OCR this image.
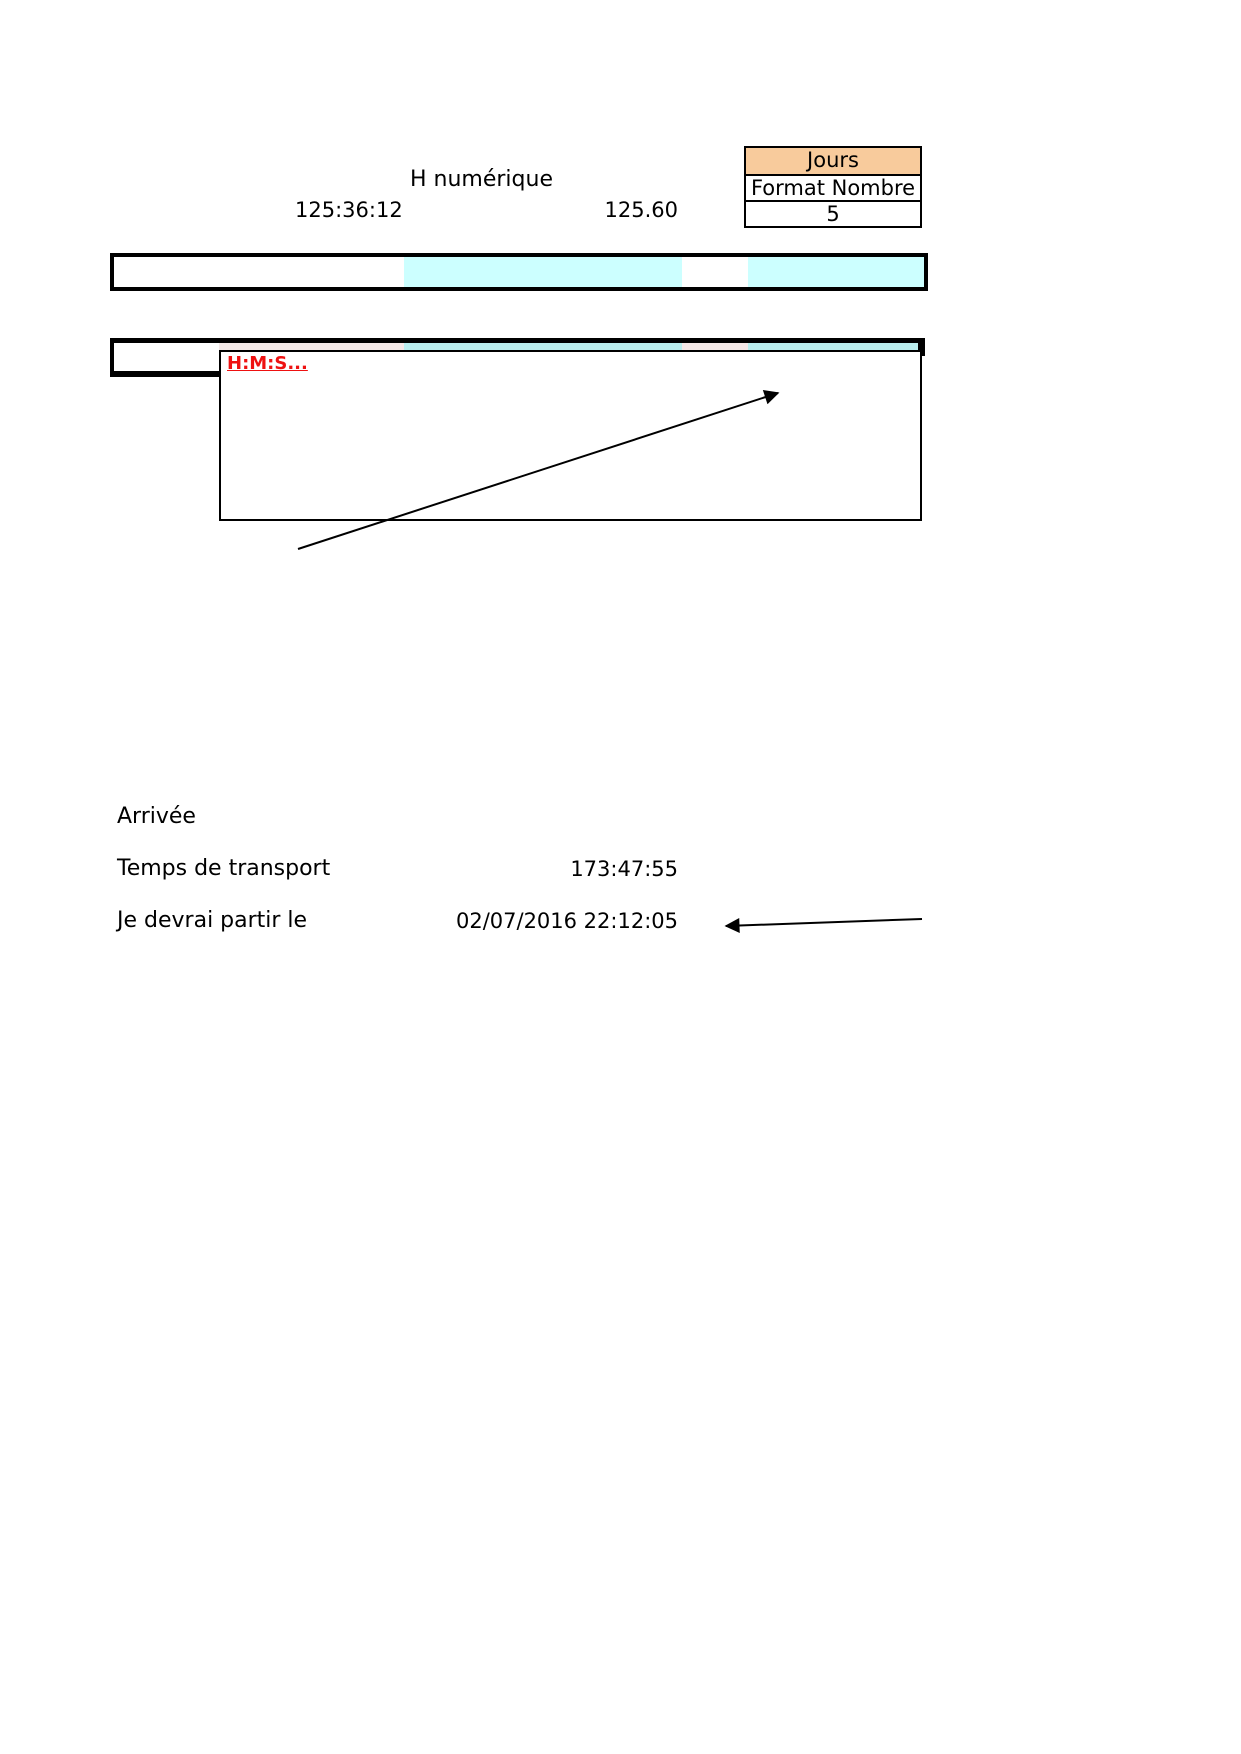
H numérique
125:36:12	125.60
Jours
Format Nombre
5
H:M:S...
Arrivée
Temps de transport	173:47:55
Je devrai partir le	02/07/2016 22:12:05
